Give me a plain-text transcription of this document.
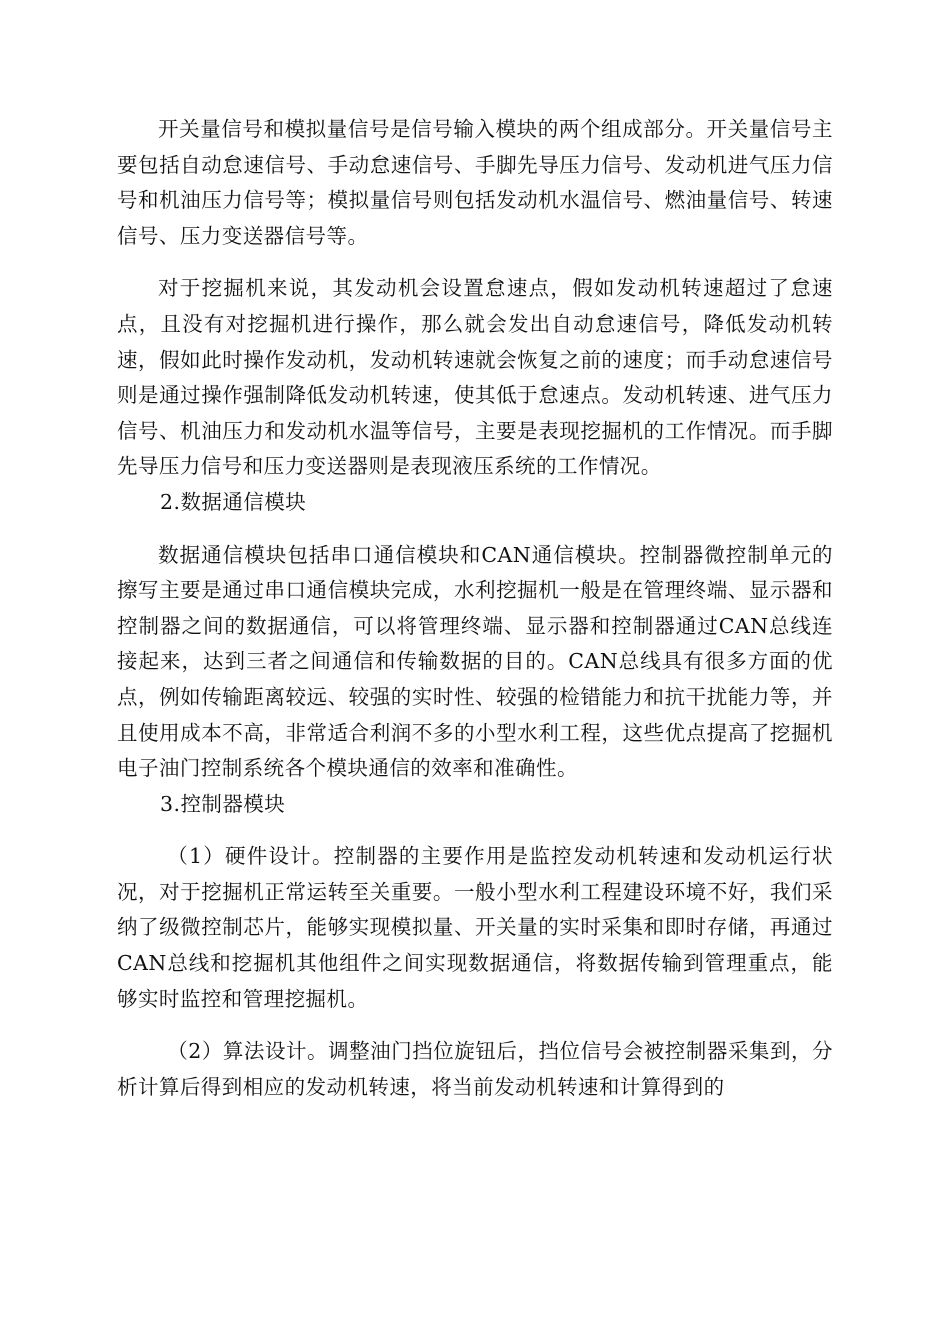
开关量信号和模拟量信号是信号输入模块的两个组成部分。开关量信号主要包括自动怠速信号、手动怠速信号、手脚先导压力信号、发动机进气压力信号和机油压力信号等；模拟量信号则包括发动机水温信号、燃油量信号、转速信号、压力变送器信号等。

对于挖掘机来说，其发动机会设置怠速点，假如发动机转速超过了怠速点，且没有对挖掘机进行操作，那么就会发出自动怠速信号，降低发动机转速，假如此时操作发动机，发动机转速就会恢复之前的速度；而手动怠速信号则是通过操作强制降低发动机转速，使其低于怠速点。发动机转速、进气压力信号、机油压力和发动机水温等信号，主要是表现挖掘机的工作情况。而手脚先导压力信号和压力变送器则是表现液压系统的工作情况。

2.数据通信模块

数据通信模块包括串口通信模块和CAN通信模块。控制器微控制单元的擦写主要是通过串口通信模块完成，水利挖掘机一般是在管理终端、显示器和控制器之间的数据通信，可以将管理终端、显示器和控制器通过CAN总线连接起来，达到三者之间通信和传输数据的目的。CAN总线具有很多方面的优点，例如传输距离较远、较强的实时性、较强的检错能力和抗干扰能力等，并且使用成本不高，非常适合利润不多的小型水利工程，这些优点提高了挖掘机电子油门控制系统各个模块通信的效率和准确性。

3.控制器模块

（1）硬件设计。控制器的主要作用是监控发动机转速和发动机运行状况，对于挖掘机正常运转至关重要。一般小型水利工程建设环境不好，我们采纳了级微控制芯片，能够实现模拟量、开关量的实时采集和即时存储，再通过CAN总线和挖掘机其他组件之间实现数据通信，将数据传输到管理重点，能够实时监控和管理挖掘机。

（2）算法设计。调整油门挡位旋钮后，挡位信号会被控制器采集到，分析计算后得到相应的发动机转速，将当前发动机转速和计算得到的
